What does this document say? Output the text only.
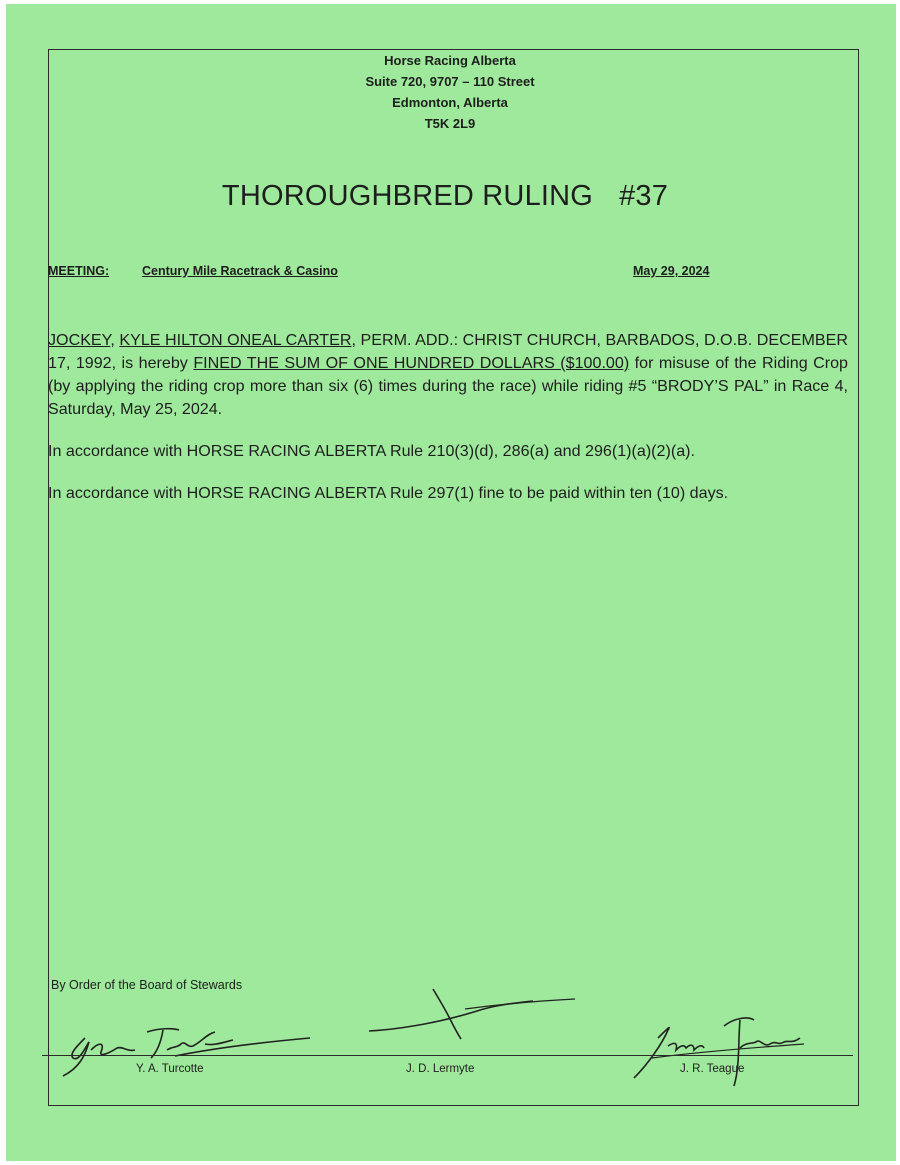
Horse Racing Alberta
Suite 720, 9707 – 110 Street
Edmonton, Alberta
T5K 2L9
THOROUGHBRED RULING #37
MEETING:	Century Mile Racetrack & Casino	May 29, 2024

JOCKEY, KYLE HILTON ONEAL CARTER, PERM. ADD.: CHRIST CHURCH, BARBADOS, D.O.B. DECEMBER 17, 1992, is hereby FINED THE SUM OF ONE HUNDRED DOLLARS ($100.00) for misuse of the Riding Crop (by applying the riding crop more than six (6) times during the race) while riding #5 “BRODY’S PAL” in Race 4, Saturday, May 25, 2024.

In accordance with HORSE RACING ALBERTA Rule 210(3)(d), 286(a) and 296(1)(a)(2)(a).

In accordance with HORSE RACING ALBERTA Rule 297(1) fine to be paid within ten (10) days.

By Order of the Board of Stewards
Y. A. Turcotte	J. D. Lermyte	J. R. Teague
